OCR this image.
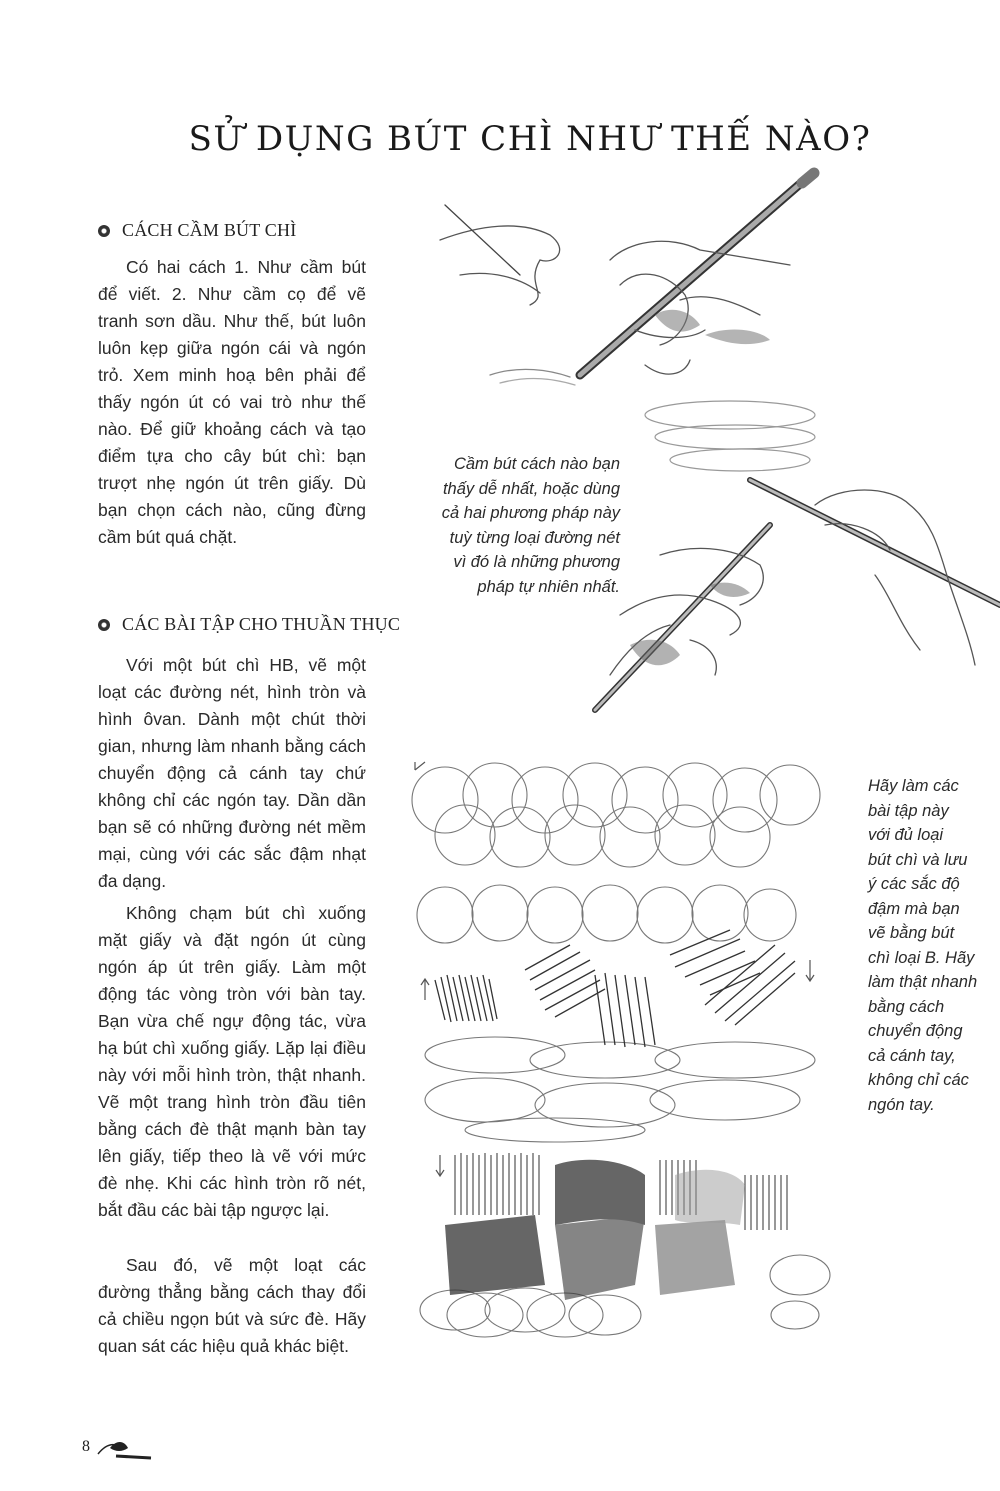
SỬ DỤNG BÚT CHÌ NHƯ THẾ NÀO?
CÁCH CẦM BÚT CHÌ

Có hai cách 1. Như cầm bút để viết. 2. Như cầm cọ để vẽ tranh sơn dầu. Như thế, bút luôn luôn kẹp giữa ngón cái và ngón trỏ. Xem minh hoạ bên phải để thấy ngón út có vai trò như thế nào. Để giữ khoảng cách và tạo điểm tựa cho cây bút chì: bạn trượt nhẹ ngón út trên giấy. Dù bạn chọn cách nào, cũng đừng cầm bút quá chặt.

CÁC BÀI TẬP CHO THUẦN THỤC

Với một bút chì HB, vẽ một loạt các đường nét, hình tròn và hình ôvan. Dành một chút thời gian, nhưng làm nhanh bằng cách chuyển động cả cánh tay chứ không chỉ các ngón tay. Dần dần bạn sẽ có những đường nét mềm mại, cùng với các sắc đậm nhạt đa dạng.

Không chạm bút chì xuống mặt giấy và đặt ngón út cùng ngón áp út trên giấy. Làm một động tác vòng tròn với bàn tay. Bạn vừa chế ngự động tác, vừa hạ bút chì xuống giấy. Lặp lại điều này với mỗi hình tròn, thật nhanh. Vẽ một trang hình tròn đầu tiên bằng cách đè thật mạnh bàn tay lên giấy, tiếp theo là vẽ với mức đè nhẹ. Khi các hình tròn rõ nét, bắt đầu các bài tập ngược lại.

Sau đó, vẽ một loạt các đường thẳng bằng cách thay đổi cả chiều ngọn bút và sức đè. Hãy quan sát các hiệu quả khác biệt.

Cầm bút cách nào bạn
thấy dễ nhất, hoặc dùng
cả hai phương pháp này
tuỳ từng loại đường nét
vì đó là những phương
pháp tự nhiên nhất.
Hãy làm các
bài tập này
với đủ loại
bút chì và lưu
ý các sắc độ
đậm mà bạn
vẽ bằng bút
chì loại B. Hãy
làm thật nhanh
bằng cách
chuyển động
cả cánh tay,
không chỉ các
ngón tay.
8
